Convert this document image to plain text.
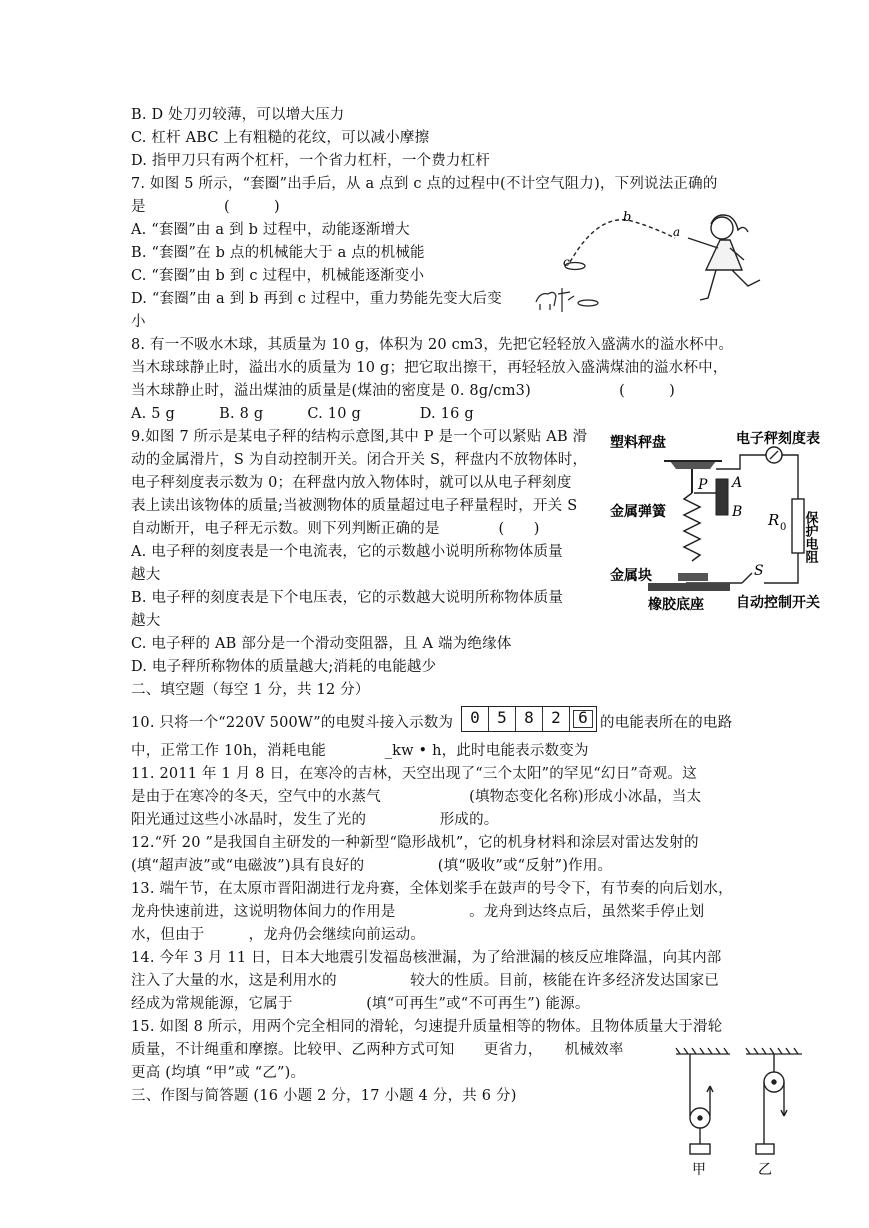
B. D 处刀刃较薄，可以增大压力
C. 杠杆 ABC 上有粗糙的花纹，可以减小摩擦
D. 指甲刀只有两个杠杆，一个省力杠杆，一个费力杠杆
7. 如图 5 所示，“套圈”出手后，从 a 点到 c 点的过程中(不计空气阻力)，下列说法正确的
是 　　　　　(　　　)
A. “套圈”由 a 到 b 过程中，动能逐渐增大
B. “套圈”在 b 点的机械能大于 a 点的机械能
C. “套圈”由 b 到 c 过程中，机械能逐渐变小
D. “套圈”由 a 到 b 再到 c 过程中，重力势能先变大后变
小
8. 有一不吸水木球，其质量为 10 g，体积为 20 cm3，先把它轻轻放入盛满水的溢水杯中。
当木球球静止时，溢出水的质量为 10 g；把它取出擦干，再轻轻放入盛满煤油的溢水杯中，
当木球静止时，溢出煤油的质量是(煤油的密度是 0. 8g/cm3)　　　　　　(　　　)
A. 5 g　　　B. 8 g　　　C. 10 g　　　　D. 16 g
9.如图 7 所示是某电子秤的结构示意图,其中 P 是一个可以紧贴 AB 滑
动的金属滑片，S 为自动控制开关。闭合开关 S，秤盘内不放物体时，
电子秤刻度表示数为 0；在秤盘内放入物体时，就可以从电子秤刻度
表上读出该物体的质量;当被测物体的质量超过电子秤量程时，开关 S
自动断开，电子秤无示数。则下列判断正确的是　　　　(　　)
A. 电子秤的刻度表是一个电流表，它的示数越小说明所称物体质量
越大
B. 电子秤的刻度表是下个电压表，它的示数越大说明所称物体质量
越大
C. 电子秤的 AB 部分是一个滑动变阻器，且 A 端为绝缘体
D. 电子秤所称物体的质量越大;消耗的电能越少
二、填空题（每空 1 分，共 12 分）
10. 只将一个“220V 500W”的电熨斗接入示数为	的电能表所在的电路
中，正常工作 10h，消耗电能　　　　_kw • h，此时电能表示数变为
11. 2011 年 1 月 8 日，在寒冷的吉林，天空出现了“三个太阳”的罕见“幻日”奇观。这
是由于在寒冷的冬天，空气中的水蒸气　　　　　　(填物态变化名称)形成小冰晶，当太
阳光通过这些小冰晶时，发生了光的　　　　　形成的。
12.“歼 20 ”是我国自主研发的一种新型“隐形战机”，它的机身材料和涂层对雷达发射的
(填“超声波”或“电磁波”)具有良好的　　　　　(填“吸收”或“反射”)作用。
13. 端午节，在太原市晋阳湖进行龙舟赛，全体划桨手在鼓声的号令下，有节奏的向后划水，
龙舟快速前进，这说明物体间力的作用是　　　　　。龙舟到达终点后，虽然桨手停止划
水，但由于　　　，龙舟仍会继续向前运动。
14. 今年 3 月 11 日，日本大地震引发福岛核泄漏，为了给泄漏的核反应堆降温，向其内部
注入了大量的水，这是利用水的　　　　　较大的性质。目前，核能在许多经济发达国家已
经成为常规能源，它属于　　　　　(填“可再生”或“不可再生”) 能源。
15. 如图 8 所示，用两个完全相同的滑轮，匀速提升质量相等的物体。且物体质量大于滑轮
质量，不计绳重和摩擦。比较甲、乙两种方式可知　　更省力，　　机械效率
更高 (均填 “甲”或 “乙”)。
三、作图与简答题 (16 小题 2 分，17 小题 4 分，共 6 分)
0	5	8	2	6
b
a
c
塑料秤盘	电子秤刻度表
R 0 保护电阻
A
B
P
金属弹簧
金属块
橡胶底座
S
自动控制开关
甲	乙
